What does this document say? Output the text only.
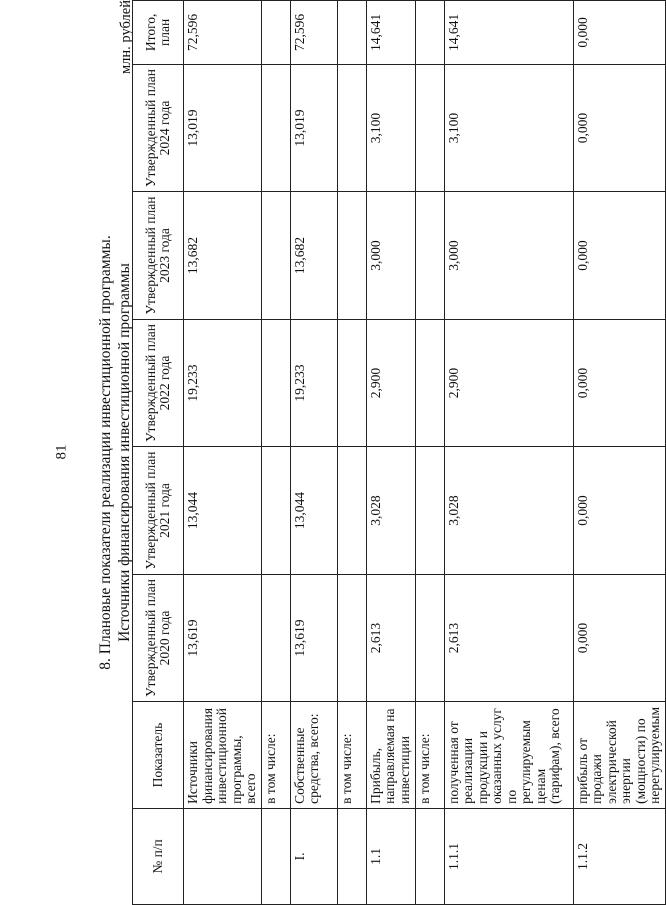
81 8. Плановые показатели реализации инвестиционной программы. Источники финансирования инвестиционной программы
млн. рублей
№ п/п	Показатель	Утвержденный план 2020 года	Утвержденный план 2021 года	Утвержденный план 2022 года	Утвержденный план 2023 года	Утвержденный план 2024 года	Итого, план
	Источники финансирования инвестиционной программы, всего	13,619	13,044	19,233	13,682	13,019	72,596
	в том числе:						
I.	Собственные средства, всего:	13,619	13,044	19,233	13,682	13,019	72,596
	в том числе:						
1.1	Прибыль, направляемая на инвестиции	2,613	3,028	2,900	3,000	3,100	14,641
	в том числе:						
1.1.1	полученная от реализации продукции и оказанных услуг по регулируемым ценам (тарифам), всего	2,613	3,028	2,900	3,000	3,100	14,641
1.1.2	прибыль от продажи электрической энергии (мощности) по нерегулируемым	0,000	0,000	0,000	0,000	0,000	0,000
